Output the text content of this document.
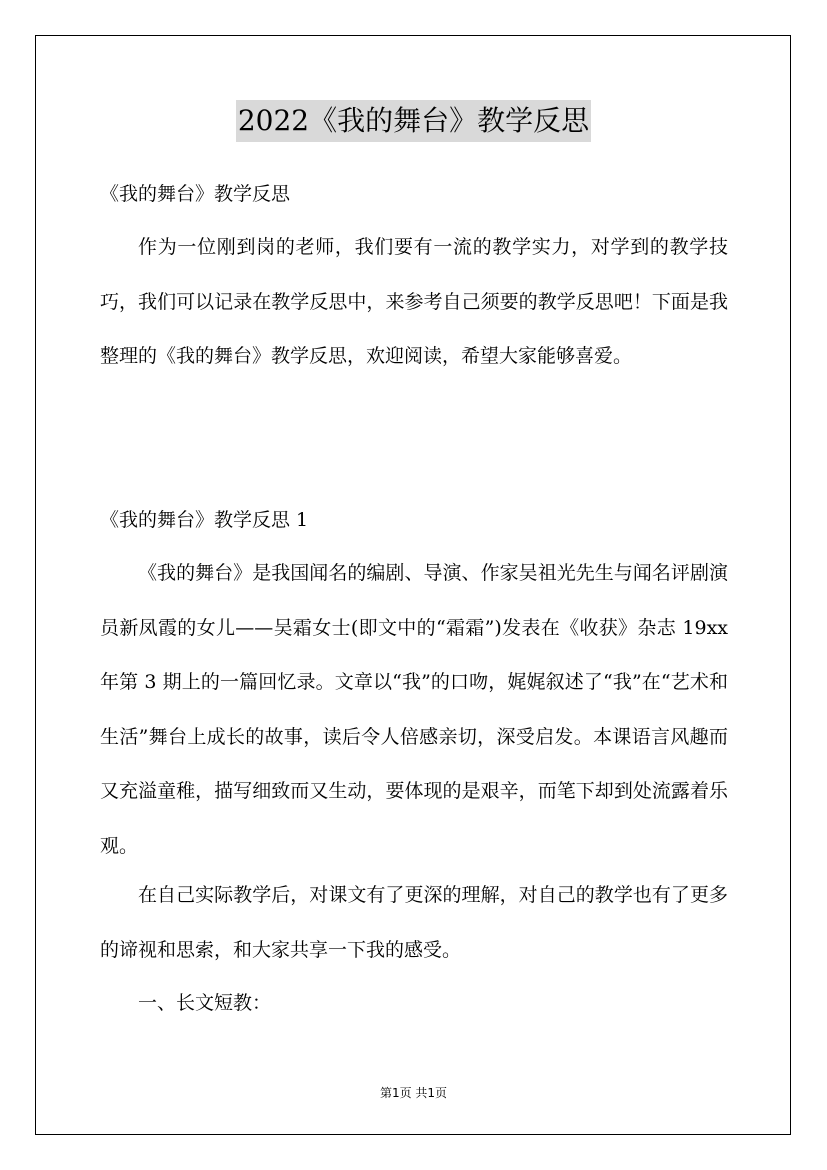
2022《我的舞台》教学反思
《我的舞台》教学反思

作为一位刚到岗的老师，我们要有一流的教学实力，对学到的教学技巧，我们可以记录在教学反思中，来参考自己须要的教学反思吧！下面是我整理的《我的舞台》教学反思，欢迎阅读，希望大家能够喜爱。

《我的舞台》教学反思 1

《我的舞台》是我国闻名的编剧、导演、作家吴祖光先生与闻名评剧演员新凤霞的女儿——吴霜女士(即文中的“霜霜”)发表在《收获》杂志 19xx 年第 3 期上的一篇回忆录。文章以“我”的口吻，娓娓叙述了“我”在“艺术和生活”舞台上成长的故事，读后令人倍感亲切，深受启发。本课语言风趣而又充溢童稚，描写细致而又生动，要体现的是艰辛，而笔下却到处流露着乐观。

在自己实际教学后，对课文有了更深的理解，对自己的教学也有了更多的谛视和思索，和大家共享一下我的感受。

一、长文短教：

第1页 共1页
